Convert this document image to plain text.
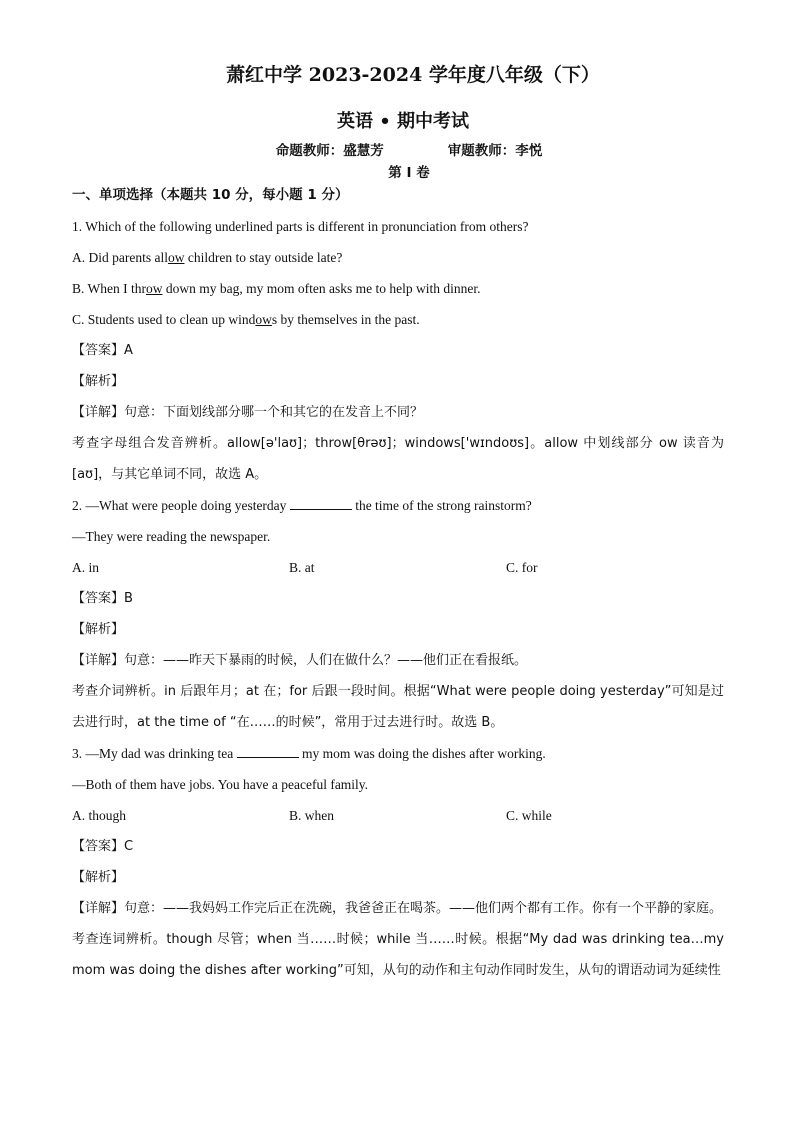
萧红中学 2023-2024 学年度八年级（下）
英语 • 期中考试
命题教师：盛慧芳	审题教师：李悦
第 I 卷
一、单项选择（本题共 10 分，每小题 1 分）
1. Which of the following underlined parts is different in pronunciation from others?
A. Did parents allow children to stay outside late?
B. When I throw down my bag, my mom often asks me to help with dinner.
C. Students used to clean up windows by themselves in the past.
【答案】A
【解析】
【详解】句意：下面划线部分哪一个和其它的在发音上不同？
考查字母组合发音辨析。allow[ə'laʊ]；throw[θrəʊ]；windows['wɪndoʊs]。allow 中划线部分 ow 读音为[aʊ]，与其它单词不同，故选 A。
2. —What were people doing yesterday	the time of the strong rainstorm?
—They were reading the newspaper.
A. in	B. at	C. for
【答案】B
【解析】
【详解】句意：——昨天下暴雨的时候，人们在做什么？——他们正在看报纸。
考查介词辨析。in 后跟年月；at 在；for 后跟一段时间。根据“What were people doing yesterday”可知是过去进行时，at the time of “在……的时候”，常用于过去进行时。故选 B。
3. —My dad was drinking tea	my mom was doing the dishes after working.
—Both of them have jobs. You have a peaceful family.
A. though	B. when	C. while
【答案】C
【解析】
【详解】句意：——我妈妈工作完后正在洗碗，我爸爸正在喝茶。——他们两个都有工作。你有一个平静的家庭。
考查连词辨析。though 尽管；when 当……时候；while 当……时候。根据“My dad was drinking tea…my mom was doing the dishes after working”可知，从句的动作和主句动作同时发生，从句的谓语动词为延续性
